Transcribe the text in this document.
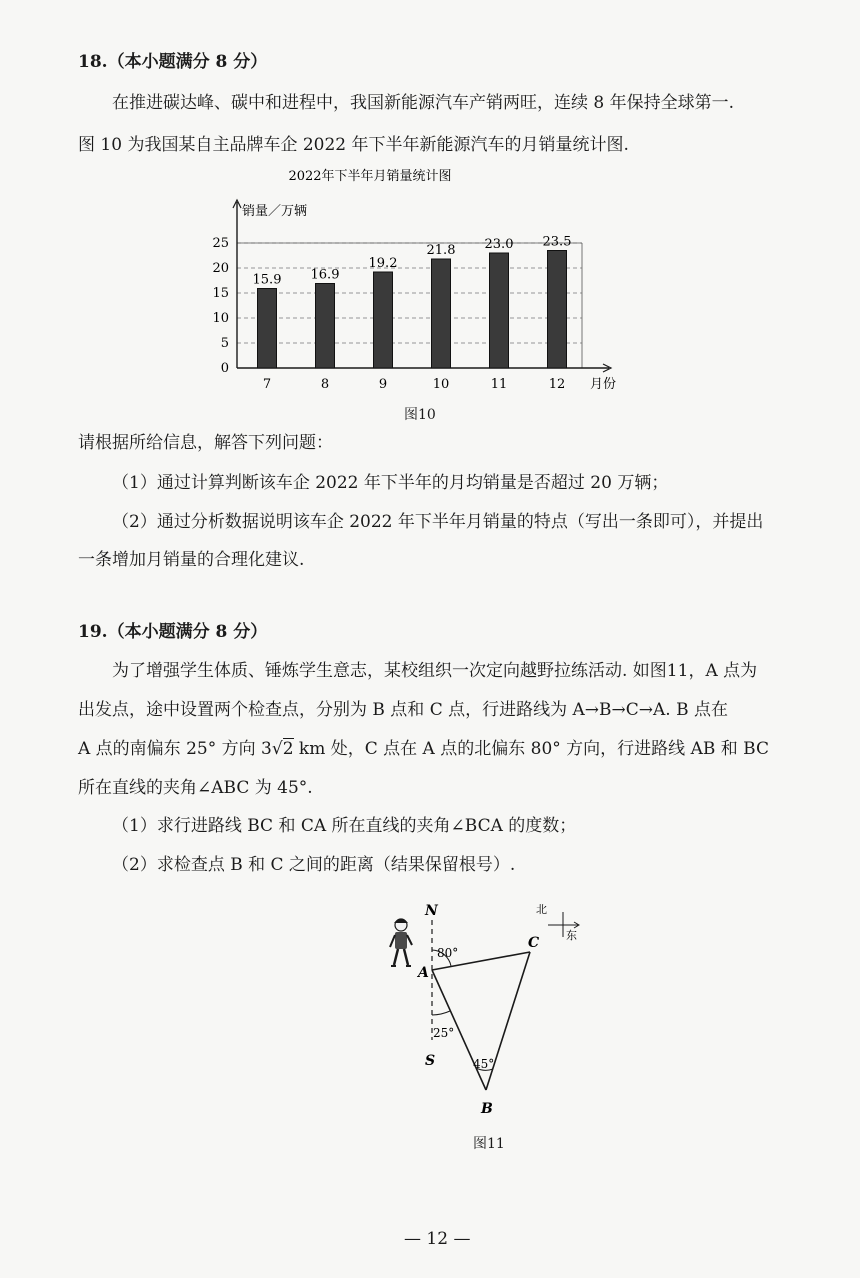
18.（本小题满分 8 分）
在推进碳达峰、碳中和进程中，我国新能源汽车产销两旺，连续 8 年保持全球第一.
图 10 为我国某自主品牌车企 2022 年下半年新能源汽车的月销量统计图.
2022年下半年月销量统计图
销量／万辆
月份
0
5
10
15
20
25
15.9
7
16.9
8
19.2
9
21.8
10
23.0
11
23.5
12
图10
请根据所给信息，解答下列问题：
（1）通过计算判断该车企 2022 年下半年的月均销量是否超过 20 万辆；
（2）通过分析数据说明该车企 2022 年下半年月销量的特点（写出一条即可），并提出
一条增加月销量的合理化建议.
19.（本小题满分 8 分）
为了增强学生体质、锤炼学生意志，某校组织一次定向越野拉练活动. 如图11，A 点为
出发点，途中设置两个检查点，分别为 B 点和 C 点，行进路线为 A→B→C→A. B 点在
A 点的南偏东 25° 方向 3√2 km 处，C 点在 A 点的北偏东 80° 方向，行进路线 AB 和 BC
所在直线的夹角∠ABC 为 45°.
（1）求行进路线 BC 和 CA 所在直线的夹角∠BCA 的度数；
（2）求检查点 B 和 C 之间的距离（结果保留根号）.
N
S
A
B
C
80°
25°
45°
北
东
图11
— 12 —
